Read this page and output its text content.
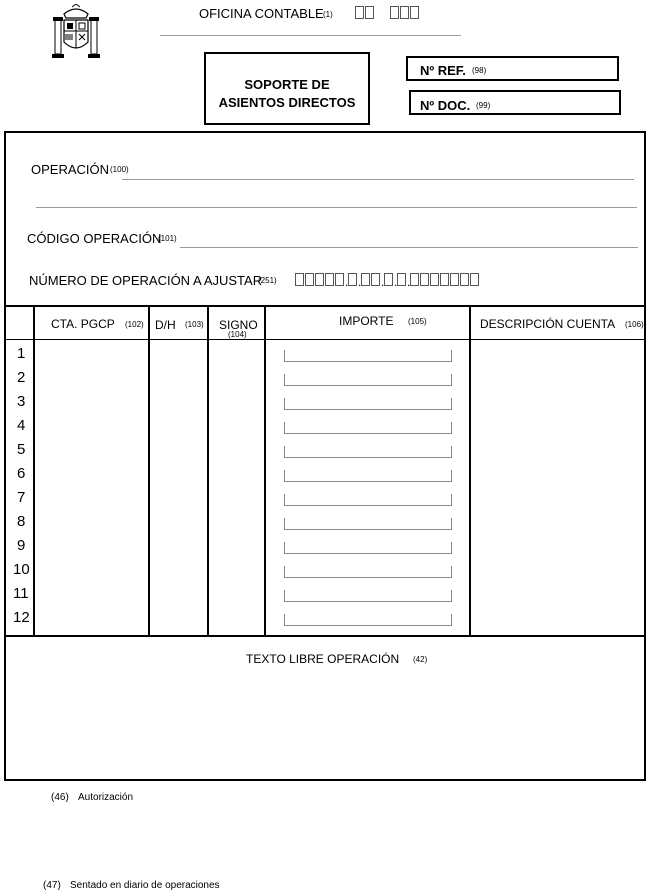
OFICINA CONTABLE (1)

SOPORTE DE
ASIENTOS DIRECTOS
Nº REF. (98)
Nº DOC. (99)
OPERACIÓN (100)
CÓDIGO OPERACIÓN
(101)
NÚMERO DE OPERACIÓN A AJUSTAR
(251)	. . . . .
CTA. PGCP (102) D/H (103) SIGNO
(104)
IMPORTE (105)	DESCRIPCIÓN CUENTA (106)
1
2
3
4
5
6
7
8
9
10
11
12
TEXTO LIBRE OPERACIÓN (42)
(46) Autorización
(47) Sentado en diario de operaciones
